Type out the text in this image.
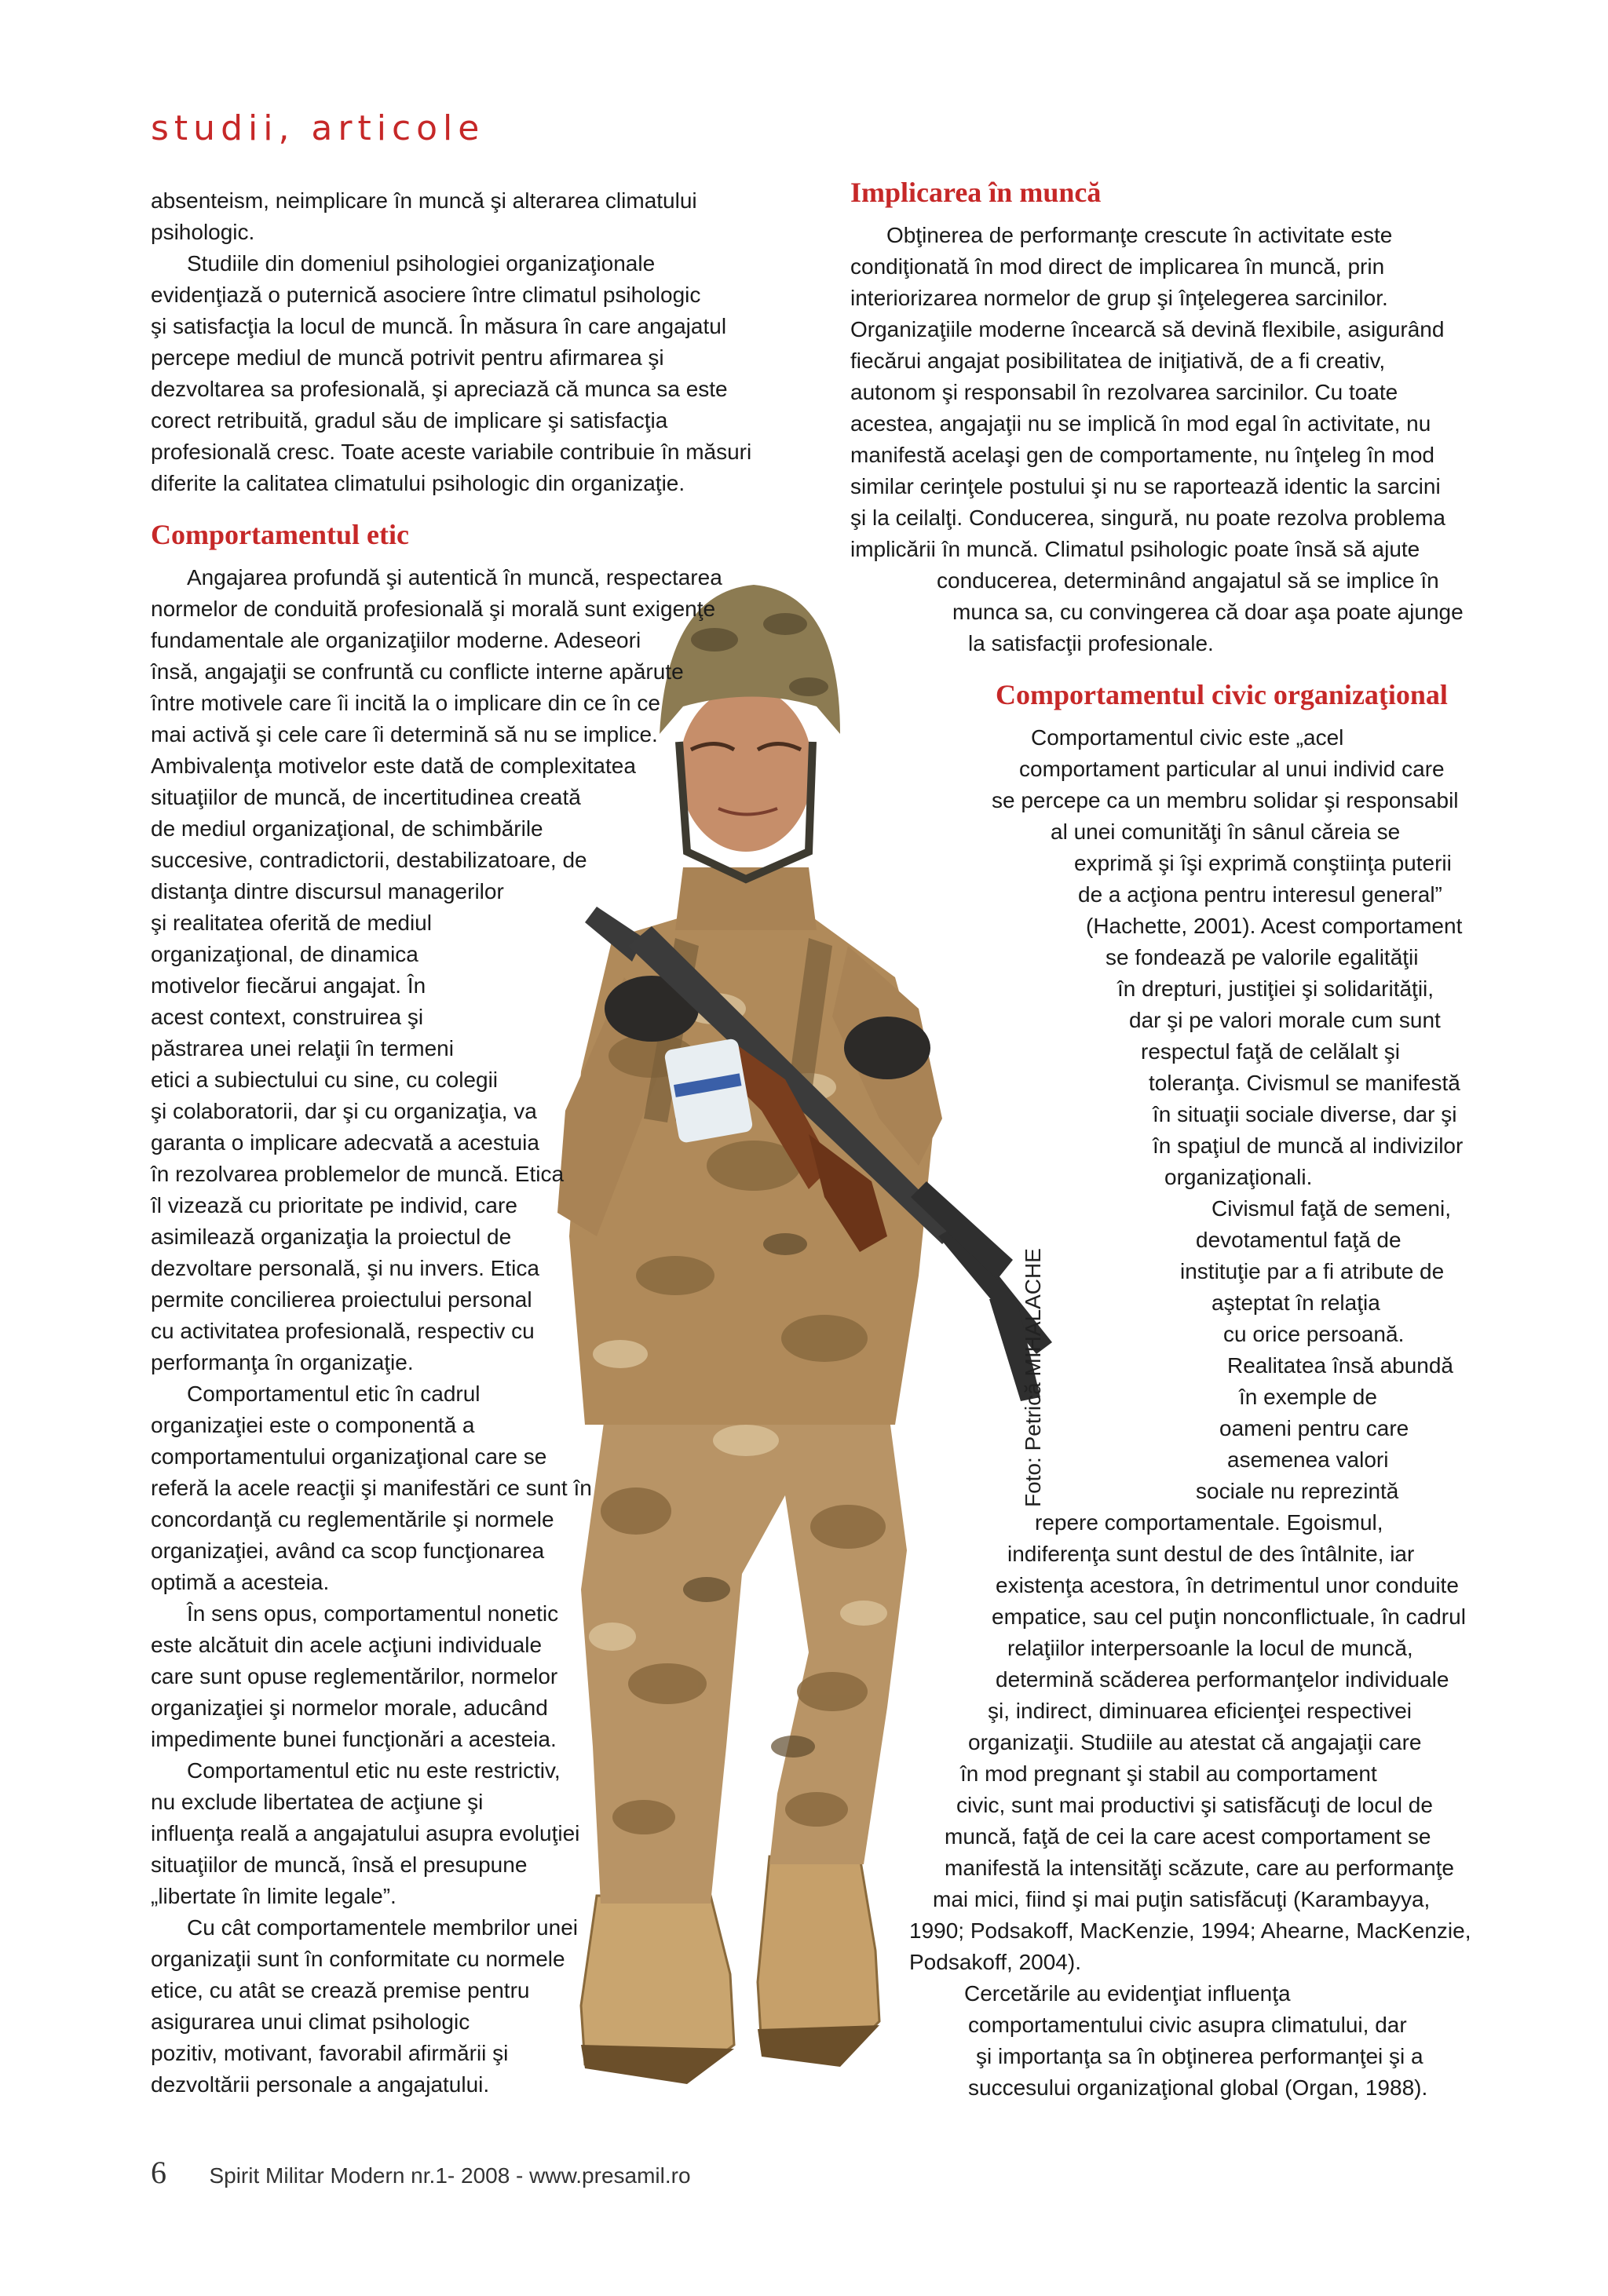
studii, articole
Foto: Petrică MIHALACHE

absenteism, neimplicare în muncă şi alterarea climatului
psihologic.

Studiile din domeniul psihologiei organizaţionale
evidenţiază o puternică asociere între climatul psihologic
şi satisfacţia la locul de muncă. În măsura în care angajatul
percepe mediul de muncă potrivit pentru afirmarea şi
dezvoltarea sa profesională, şi apreciază că munca sa este
corect retribuită, gradul său de implicare şi satisfacţia
profesională cresc. Toate aceste variabile contribuie în măsuri
diferite la calitatea climatului psihologic din organizaţie.

Comportamentul etic

Angajarea profundă şi autentică în muncă, respectarea
normelor de conduită profesională şi morală sunt exigenţe
fundamentale ale organizaţiilor moderne. Adeseori
însă, angajaţii se confruntă cu conflicte interne apărute
între motivele care îi incită la o implicare din ce în ce
mai activă şi cele care îi determină să nu se implice.
Ambivalenţa motivelor este dată de complexitatea
situaţiilor de muncă, de incertitudinea creată
de mediul organizaţional, de schimbările
succesive, contradictorii, destabilizatoare, de
distanţa dintre discursul managerilor
şi realitatea oferită de mediul
organizaţional, de dinamica
motivelor fiecărui angajat. În
acest context, construirea şi
păstrarea unei relaţii în termeni
etici a subiectului cu sine, cu colegii
şi colaboratorii, dar şi cu organizaţia, va
garanta o implicare adecvată a acestuia
în rezolvarea problemelor de muncă. Etica
îl vizează cu prioritate pe individ, care
asimilează organizaţia la proiectul de
dezvoltare personală, şi nu invers. Etica
permite concilierea proiectului personal
cu activitatea profesională, respectiv cu
performanţa în organizaţie.

Comportamentul etic în cadrul
organizaţiei este o componentă a
comportamentului organizaţional care se
referă la acele reacţii şi manifestări ce sunt în
concordanţă cu reglementările şi normele
organizaţiei, având ca scop funcţionarea
optimă a acesteia.

În sens opus, comportamentul nonetic
este alcătuit din acele acţiuni individuale
care sunt opuse reglementărilor, normelor
organizaţiei şi normelor morale, aducând
impedimente bunei funcţionări a acesteia.

Comportamentul etic nu este restrictiv,
nu exclude libertatea de acţiune şi
influenţa reală a angajatului asupra evoluţiei
situaţiilor de muncă, însă el presupune
„libertate în limite legale”.

Cu cât comportamentele membrilor unei
organizaţii sunt în conformitate cu normele
etice, cu atât se crează premise pentru
asigurarea unui climat psihologic
pozitiv, motivant, favorabil afirmării şi
dezvoltării personale a angajatului.

Implicarea în muncă

Obţinerea de performanţe crescute în activitate este
condiţionată în mod direct de implicarea în muncă, prin
interiorizarea normelor de grup şi înţelegerea sarcinilor.
Organizaţiile moderne încearcă să devină flexibile, asigurând
fiecărui angajat posibilitatea de iniţiativă, de a fi creativ,
autonom şi responsabil în rezolvarea sarcinilor. Cu toate
acestea, angajaţii nu se implică în mod egal în activitate, nu
manifestă acelaşi gen de comportamente, nu înţeleg în mod
similar cerinţele postului şi nu se raportează identic la sarcini
şi la ceilalţi. Conducerea, singură, nu poate rezolva problema
implicării în muncă. Climatul psihologic poate însă să ajute
conducerea, determinând angajatul să se implice în
munca sa, cu convingerea că doar aşa poate ajunge
la satisfacţii profesionale.

Comportamentul civic organizaţional

Comportamentul civic este „acel
comportament particular al unui individ care
se percepe ca un membru solidar şi responsabil
al unei comunităţi în sânul căreia se
exprimă şi îşi exprimă conştiinţa puterii
de a acţiona pentru interesul general”
(Hachette, 2001). Acest comportament
se fondează pe valorile egalităţii
în drepturi, justiţiei şi solidarităţii,
dar şi pe valori morale cum sunt
respectul faţă de celălalt şi
toleranţa. Civismul se manifestă
în situaţii sociale diverse, dar şi
în spaţiul de muncă al indivizilor
organizaţionali.

Civismul faţă de semeni,
devotamentul faţă de
instituţie par a fi atribute de
aşteptat în relaţia
cu orice persoană.
Realitatea însă abundă
în exemple de
oameni pentru care
asemenea valori
sociale nu reprezintă
repere comportamentale. Egoismul,
indiferenţa sunt destul de des întâlnite, iar
existenţa acestora, în detrimentul unor conduite
empatice, sau cel puţin nonconflictuale, în cadrul
relaţiilor interpersoanle la locul de muncă,
determină scăderea performanţelor individuale
şi, indirect, diminuarea eficienţei respectivei
organizaţii. Studiile au atestat că angajaţii care
în mod pregnant şi stabil au comportament
civic, sunt mai productivi şi satisfăcuţi de locul de
muncă, faţă de cei la care acest comportament se
manifestă la intensităţi scăzute, care au performanţe
mai mici, fiind şi mai puţin satisfăcuţi (Karambayya,
1990; Podsakoff, MacKenzie, 1994; Ahearne, MacKenzie,
Podsakoff, 2004).

Cercetările au evidenţiat influenţa
comportamentului civic asupra climatului, dar
şi importanţa sa în obţinerea performanţei şi a
succesului organizaţional global (Organ, 1988).

6 Spirit Militar Modern nr.1- 2008 - www.presamil.ro
